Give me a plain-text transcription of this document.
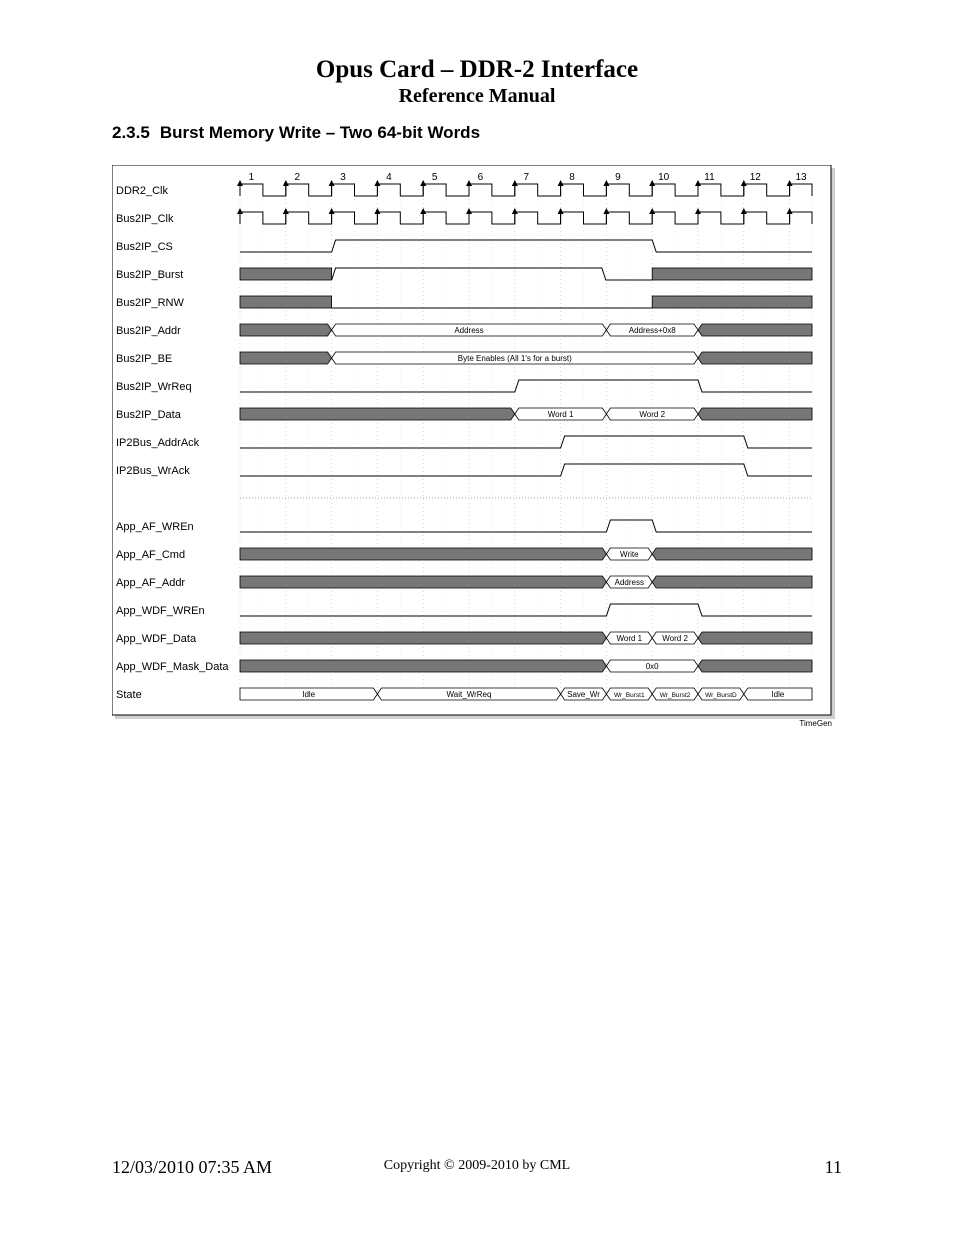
Opus Card – DDR-2 Interface
Reference Manual
2.3.5 Burst Memory Write – Two 64-bit Words
1	2	3	4	5	6	7	8	9	10	11	12	13
DDR2_Clk
Bus2IP_Clk
Bus2IP_CS
Bus2IP_Burst
Bus2IP_RNW
Bus2IP_Addr	Address	Address+0x8
Bus2IP_BE	Byte Enables (All 1's for a burst)
Bus2IP_WrReq
Bus2IP_Data	Word 1	Word 2
IP2Bus_AddrAck
IP2Bus_WrAck
App_AF_WREn
App_AF_Cmd	Write
App_AF_Addr	Address
App_WDF_WREn
App_WDF_Data	Word 1	Word 2
App_WDF_Mask_Data	0x0
State	Idle	Wait_WrReq	Save_Wr Wr_Burst1 Wr_Burst2 Wr_BurstD	Idle
TimeGen
12/03/2010 07:35 AM	Copyright © 2009-2010 by CML	11
